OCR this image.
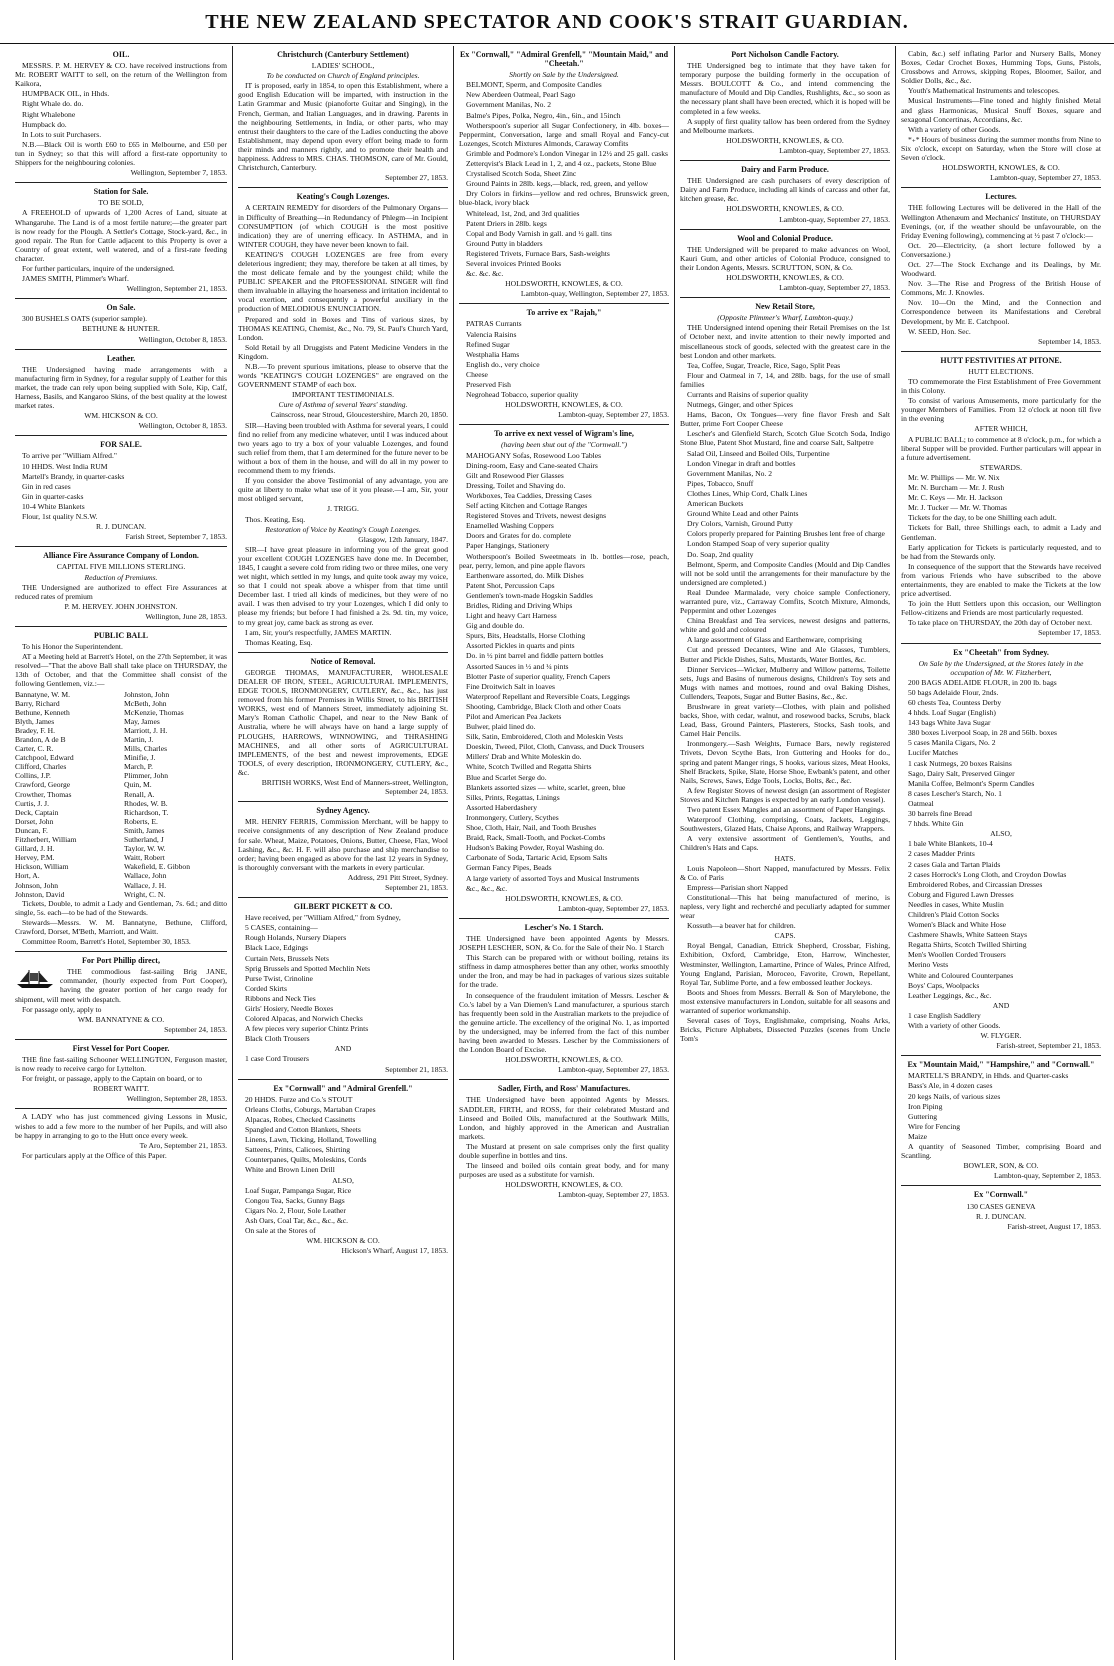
THE NEW ZEALAND SPECTATOR AND COOK'S STRAIT GUARDIAN.
OIL.

MESSRS. P. M. HERVEY & CO. have received instructions from Mr. ROBERT WAITT to sell, on the return of the Wellington from Kaikora,

HUMPBACK OIL, in Hhds.

Right Whale do. do.

Right Whalebone

Humpback do.

In Lots to suit Purchasers.

N.B.—Black Oil is worth £60 to £65 in Melbourne, and £50 per tun in Sydney; so that this will afford a first-rate opportunity to Shippers for the neighbouring colonies.

Wellington, September 7, 1853.

Station for Sale.

TO BE SOLD,

A FREEHOLD of upwards of 1,200 Acres of Land, situate at Whangaruhe. The Land is of a most fertile nature;—the greater part is now ready for the Plough. A Settler's Cottage, Stock-yard, &c., in good repair. The Run for Cattle adjacent to this Property is over a Country of great extent, well watered, and of a first-rate feeding character.

For further particulars, inquire of the undersigned.

JAMES SMITH, Plimmer's Wharf.

Wellington, September 21, 1853.

On Sale.

300 BUSHELS OATS (superior sample).

BETHUNE & HUNTER.

Wellington, October 8, 1853.

Leather.

THE Undersigned having made arrangements with a manufacturing firm in Sydney, for a regular supply of Leather for this market, the trade can rely upon being supplied with Sole, Kip, Calf, Harness, Basils, and Kangaroo Skins, of the best quality at the lowest market rates.

WM. HICKSON & CO.

Wellington, October 8, 1853.

FOR SALE.

To arrive per "William Alfred."

10 HHDS. West India RUM

Martell's Brandy, in quarter-casks

Gin in red cases

Gin in quarter-casks

10-4 White Blankets

Flour, 1st quality N.S.W.

R. J. DUNCAN.

Farish Street, September 7, 1853.

Alliance Fire Assurance Company of London.

CAPITAL FIVE MILLIONS STERLING.

Reduction of Premiums.

THE Undersigned are authorized to effect Fire Assurances at reduced rates of premium

P. M. HERVEY. JOHN JOHNSTON.

Wellington, June 28, 1853.

PUBLIC BALL

To his Honor the Superintendent.

AT a Meeting held at Barrett's Hotel, on the 27th September, it was resolved—"That the above Ball shall take place on THURSDAY, the 13th of October, and that the Committee shall consist of the following Gentlemen, viz.:—

Bannatyne, W. M.	Johnston, John
Barry, Richard	McBeth, John
Bethune, Kenneth	McKenzie, Thomas
Blyth, James	May, James
Bradey, F. H.	Marriott, J. H.
Brandon, A de B	Martin, J.
Carter, C. R.	Mills, Charles
Catchpool, Edward	Minifie, J.
Clifford, Charles	March, P.
Collins, J.P.	Plimmer, John
Crawford, George	Quin, M.
Crowther, Thomas	Renall, A.
Curtis, J. J.	Rhodes, W. B.
Deck, Captain	Richardson, T.
Dorset, John	Roberts, E.
Duncan, F.	Smith, James
Fitzherbert, William	Sutherland, J
Gillard, J. H.	Taylor, W. W.
Hervey, P.M.	Waitt, Robert
Hickson, William	Wakefield, E. Gibbon
Hort, A.	Wallace, John
Johnson, John	Wallace, J. H.
Johnston, David	Wright, C. N.

Tickets, Double, to admit a Lady and Gentleman, 7s. 6d.; and ditto single, 5s. each—to be had of the Stewards.

Stewards—Messrs. W. M. Bannatyne, Bethune, Clifford, Crawford, Dorset, M'Beth, Marriott, and Waitt.

Committee Room, Barrett's Hotel, September 30, 1853.

For Port Phillip direct,

THE commodious fast-sailing Brig JANE, commander, (hourly expected from Port Cooper), having the greater portion of her cargo ready for shipment, will meet with despatch.

For passage only, apply to

WM. BANNATYNE & CO.

September 24, 1853.

First Vessel for Port Cooper.

THE fine fast-sailing Schooner WELLINGTON, Ferguson master, is now ready to receive cargo for Lyttelton.

For freight, or passage, apply to the Captain on board, or to

ROBERT WAITT.

Wellington, September 28, 1853.

A LADY who has just commenced giving Lessons in Music, wishes to add a few more to the number of her Pupils, and will also be happy in arranging to go to the Hutt once every week.

Te Aro, September 21, 1853.

For particulars apply at the Office of this Paper.

Christchurch (Canterbury Settlement)

LADIES' SCHOOL,

To be conducted on Church of England principles.

IT is proposed, early in 1854, to open this Establishment, where a good English Education will be imparted, with instruction in the Latin Grammar and Music (pianoforte Guitar and Singing), in the French, German, and Italian Languages, and in drawing. Parents in the neighbouring Settlements, in India, or other parts, who may entrust their daughters to the care of the Ladies conducting the above Establishment, may depend upon every effort being made to form their minds and manners rightly, and to promote their health and happiness. Address to MRS. CHAS. THOMSON, care of Mr. Gould, Christchurch, Canterbury.

September 27, 1853.

Keating's Cough Lozenges.

A CERTAIN REMEDY for disorders of the Pulmonary Organs—in Difficulty of Breathing—in Redundancy of Phlegm—in Incipient CONSUMPTION (of which COUGH is the most positive indication) they are of unerring efficacy. In ASTHMA, and in WINTER COUGH, they have never been known to fail.

KEATING'S COUGH LOZENGES are free from every deleterious ingredient; they may, therefore be taken at all times, by the most delicate female and by the youngest child; while the PUBLIC SPEAKER and the PROFESSIONAL SINGER will find them invaluable in allaying the hoarseness and irritation incidental to vocal exertion, and consequently a powerful auxiliary in the production of MELODIOUS ENUNCIATION.

Prepared and sold in Boxes and Tins of various sizes, by THOMAS KEATING, Chemist, &c., No. 79, St. Paul's Church Yard, London.

Sold Retail by all Druggists and Patent Medicine Venders in the Kingdom.

N.B.—To prevent spurious imitations, please to observe that the words "KEATING'S COUGH LOZENGES" are engraved on the GOVERNMENT STAMP of each box.

IMPORTANT TESTIMONIALS.

Cure of Asthma of several Years' standing.

Cainscross, near Stroud, Gloucestershire, March 20, 1850.

SIR—Having been troubled with Asthma for several years, I could find no relief from any medicine whatever, until I was induced about two years ago to try a box of your valuable Lozenges, and found such relief from them, that I am determined for the future never to be without a box of them in the house, and will do all in my power to recommend them to my friends.

If you consider the above Testimonial of any advantage, you are quite at liberty to make what use of it you please.—I am, Sir, your most obliged servant,

J. TRIGG.

Thos. Keating, Esq.

Restoration of Voice by Keating's Cough Lozenges.

Glasgow, 12th January, 1847.

SIR—I have great pleasure in informing you of the great good your excellent COUGH LOZENGES have done me. In December, 1845, I caught a severe cold from riding two or three miles, one very wet night, which settled in my lungs, and quite took away my voice, so that I could not speak above a whisper from that time until December last. I tried all kinds of medicines, but they were of no avail. I was then advised to try your Lozenges, which I did only to please my friends; but before I had finished a 2s. 9d. tin, my voice, to my great joy, came back as strong as ever.

I am, Sir, your's respectfully, JAMES MARTIN.

Thomas Keating, Esq.

Notice of Removal.

GEORGE THOMAS, MANUFACTURER, WHOLESALE DEALER OF IRON, STEEL, AGRICULTURAL IMPLEMENTS, EDGE TOOLS, IRONMONGERY, CUTLERY, &c., &c., has just removed from his former Premises in Willis Street, to his BRITISH WORKS, west end of Manners Street, immediately adjoining St. Mary's Roman Catholic Chapel, and near to the New Bank of Australia, where he will always have on hand a large supply of PLOUGHS, HARROWS, WINNOWING, and THRASHING MACHINES, and all other sorts of AGRICULTURAL IMPLEMENTS, of the best and newest improvements, EDGE TOOLS, of every description, IRONMONGERY, CUTLERY, &c., &c.

BRITISH WORKS, West End of Manners-street, Wellington, September 24, 1853.

Sydney Agency.

MR. HENRY FERRIS, Commission Merchant, will be happy to receive consignments of any description of New Zealand produce for sale. Wheat, Maize, Potatoes, Onions, Butter, Cheese, Flax, Wool Lashing, &c., &c. H. F. will also purchase and ship merchandise to order; having been engaged as above for the last 12 years in Sydney, is thoroughly conversant with the markets in every particular.

Address, 291 Pitt Street, Sydney.

September 21, 1853.

GILBERT PICKETT & CO.

Have received, per "William Alfred," from Sydney,

5 CASES, containing—

Rough Holands, Nursery Diapers

Black Lace, Edgings

Curtain Nets, Brussels Nets

Sprig Brussels and Spotted Mechlin Nets

Purse Twist, Crinoline

Corded Skirts

Ribbons and Neck Ties

Girls' Hosiery, Needle Boxes

Colored Alpacas, and Norwich Checks

A few pieces very superior Chintz Prints

Black Cloth Trousers

AND

1 case Cord Trousers

September 21, 1853.

Ex "Cornwall" and "Admiral Grenfell."

20 HHDS. Furze and Co.'s STOUT

Orleans Cloths, Coburgs, Martaban Crapes

Alpacas, Robes, Checked Cassinetts

Spangled and Cotton Blankets, Sheets

Linens, Lawn, Ticking, Holland, Towelling

Satteens, Prints, Calicoes, Shirting

Counterpanes, Quilts, Moleskins, Cords

White and Brown Linen Drill

ALSO,

Loaf Sugar, Pampanga Sugar, Rice

Congou Tea, Sacks, Gunny Bags

Cigars No. 2, Flour, Sole Leather

Ash Oars, Coal Tar, &c., &c., &c.

On sale at the Stores of

WM. HICKSON & CO.

Hickson's Wharf, August 17, 1853.

Ex "Cornwall," "Admiral Grenfell," "Mountain Maid," and "Cheetah."

Shortly on Sale by the Undersigned.

BELMONT, Sperm, and Composite Candles

New Aberdeen Oatmeal, Pearl Sago

Government Manilas, No. 2

Balme's Pipes, Polka, Negro, 4in., 6in., and 15inch

Wotherspoon's superior all Sugar Confectionery, in 4lb. boxes—Peppermint, Conversation, large and small Royal and Fancy-cut Lozenges, Scotch Mixtures Almonds, Caraway Comfits

Grimble and Podmore's London Vinegar in 12½ and 25 gall. casks

Zetterqvist's Black Lead in 1, 2, and 4 oz., packets, Stone Blue

Crystalised Scotch Soda, Sheet Zinc

Ground Paints in 28lb. kegs,—black, red, green, and yellow

Dry Colors in firkins—yellow and red ochres, Brunswick green, blue-black, ivory black

Whitelead, 1st, 2nd, and 3rd qualities

Patent Driers in 28lb. kegs

Copal and Body Varnish in gall. and ½ gall. tins

Ground Putty in bladders

Registered Trivets, Furnace Bars, Sash-weights

Several invoices Printed Books

&c. &c. &c.

HOLDSWORTH, KNOWLES, & CO.

Lambton-quay, Wellington, September 27, 1853.

To arrive ex "Rajah,"

PATRAS Currants

Valencia Raisins

Refined Sugar

Westphalia Hams

English do., very choice

Cheese

Preserved Fish

Negrohead Tobacco, superior quality

HOLDSWORTH, KNOWLES, & CO.

Lambton-quay, September 27, 1853.

To arrive ex next vessel of Wigram's line,

(having been shut out of the "Cornwall.")

MAHOGANY Sofas, Rosewood Loo Tables

Dining-room, Easy and Cane-seated Chairs

Gilt and Rosewood Pier Glasses

Dressing, Toilet and Shaving do.

Workboxes, Tea Caddies, Dressing Cases

Self acting Kitchen and Cottage Ranges

Registered Stoves and Trivets, newest designs

Enamelled Washing Coppers

Doors and Grates for do. complete

Paper Hangings, Stationery

Wotherspoon's Boiled Sweetmeats in lb. bottles—rose, peach, pear, perry, lemon, and pine apple flavors

Earthenware assorted, do. Milk Dishes

Patent Shot, Percussion Caps

Gentlemen's town-made Hogskin Saddles

Bridles, Riding and Driving Whips

Light and heavy Cart Harness

Gig and double do.

Spurs, Bits, Headstalls, Horse Clothing

Assorted Pickles in quarts and pints

Do. in ½ pint barrel and fiddle pattern bottles

Assorted Sauces in ½ and ¼ pints

Blotter Paste of superior quality, French Capers

Fine Droitwich Salt in loaves

Waterproof Repellant and Reversible Coats, Leggings

Shooting, Cambridge, Black Cloth and other Coats

Pilot and American Pea Jackets

Bulwer, plaid lined do.

Silk, Satin, Embroidered, Cloth and Moleskin Vests

Doeskin, Tweed, Pilot, Cloth, Canvass, and Duck Trousers

Millers' Drab and White Moleskin do.

White, Scotch Twilled and Regatta Shirts

Blue and Scarlet Serge do.

Blankets assorted sizes — white, scarlet, green, blue

Silks, Prints, Regattas, Linings

Assorted Haberdashery

Ironmongery, Cutlery, Scythes

Shoe, Cloth, Hair, Nail, and Tooth Brushes

Braid, Rack, Small-Tooth, and Pocket-Combs

Hudson's Baking Powder, Royal Washing do.

Carbonate of Soda, Tartaric Acid, Epsom Salts

German Fancy Pipes, Beads

A large variety of assorted Toys and Musical Instruments

&c., &c., &c.

HOLDSWORTH, KNOWLES, & CO.

Lambton-quay, September 27, 1853.

Lescher's No. 1 Starch.

THE Undersigned have been appointed Agents by Messrs. JOSEPH LESCHER, SON, & Co. for the Sale of their No. 1 Starch

This Starch can be prepared with or without boiling, retains its stiffness in damp atmospheres better than any other, works smoothly under the Iron, and may be had in packages of various sizes suitable for the trade.

In consequence of the fraudulent imitation of Messrs. Lescher & Co.'s label by a Van Diemen's Land manufacturer, a spurious starch has frequently been sold in the Australian markets to the prejudice of the genuine article. The excellency of the original No. 1, as imported by the undersigned, may be inferred from the fact of this number having been awarded to Messrs. Lescher by the Commissioners of the London Board of Excise.

HOLDSWORTH, KNOWLES, & CO.

Lambton-quay, September 27, 1853.

Sadler, Firth, and Ross' Manufactures.

THE Undersigned have been appointed Agents by Messrs. SADDLER, FIRTH, and ROSS, for their celebrated Mustard and Linseed and Boiled Oils, manufactured at the Southwark Mills, London, and highly approved in the American and Australian markets.

The Mustard at present on sale comprises only the first quality double superfine in bottles and tins.

The linseed and boiled oils contain great body, and for many purposes are used as a substitute for varnish.

HOLDSWORTH, KNOWLES, & CO.

Lambton-quay, September 27, 1853.

Port Nicholson Candle Factory.

THE Undersigned beg to intimate that they have taken for temporary purpose the building formerly in the occupation of Messrs. BOULCOTT & Co., and intend commencing the manufacture of Mould and Dip Candles, Rushlights, &c., so soon as the necessary plant shall have been erected, which it is hoped will be completed in a few weeks.

A supply of first quality tallow has been ordered from the Sydney and Melbourne markets.

HOLDSWORTH, KNOWLES, & CO.

Lambton-quay, September 27, 1853.

Dairy and Farm Produce.

THE Undersigned are cash purchasers of every description of Dairy and Farm Produce, including all kinds of carcass and other fat, kitchen grease, &c.

HOLDSWORTH, KNOWLES, & CO.

Lambton-quay, September 27, 1853.

Wool and Colonial Produce.

THE Undersigned will be prepared to make advances on Wool, Kauri Gum, and other articles of Colonial Produce, consigned to their London Agents, Messrs. SCRUTTON, SON, & Co.

HOLDSWORTH, KNOWLES, & CO.

Lambton-quay, September 27, 1853.

New Retail Store,

(Opposite Plimmer's Wharf, Lambton-quay.)

THE Undersigned intend opening their Retail Premises on the 1st of October next, and invite attention to their newly imported and miscellaneous stock of goods, selected with the greatest care in the best London and other markets.

Tea, Coffee, Sugar, Treacle, Rice, Sago, Split Peas

Flour and Oatmeal in 7, 14, and 28lb. bags, for the use of small families

Currants and Raisins of superior quality

Nutmegs, Ginger, and other Spices

Hams, Bacon, Ox Tongues—very fine flavor Fresh and Salt Butter, prime Fort Cooper Cheese

Lescher's and Glenfield Starch, Scotch Glue Scotch Soda, Indigo Stone Blue, Patent Shot Mustard, fine and coarse Salt, Saltpetre

Salad Oil, Linseed and Boiled Oils, Turpentine

London Vinegar in draft and bottles

Government Manilas, No. 2

Pipes, Tobacco, Snuff

Clothes Lines, Whip Cord, Chalk Lines

American Buckets

Ground White Lead and other Paints

Dry Colors, Varnish, Ground Putty

Colors properly prepared for Painting Brushes lent free of charge

London Stamped Soap of very superior quality

Do. Soap, 2nd quality

Belmont, Sperm, and Composite Candles (Mould and Dip Candles will not be sold until the arrangements for their manufacture by the undersigned are completed.)

Real Dundee Marmalade, very choice sample Confectionery, warranted pure, viz., Carraway Comfits, Scotch Mixture, Almonds, Peppermint and other Lozenges

China Breakfast and Tea services, newest designs and patterns, white and gold and coloured

A large assortment of Glass and Earthenware, comprising

Cut and pressed Decanters, Wine and Ale Glasses, Tumblers, Butter and Pickle Dishes, Salts, Mustards, Water Bottles, &c.

Dinner Services—Wicker, Mulberry and Willow patterns, Toilette sets, Jugs and Basins of numerous designs, Children's Toy sets and Mugs with names and mottoes, round and oval Baking Dishes, Cullenders, Teapots, Sugar and Butter Basins, &c., &c.

Brushware in great variety—Clothes, with plain and polished backs, Shoe, with cedar, walnut, and rosewood backs, Scrubs, black Lead, Bass, Ground Painters, Plasterers, Stocks, Sash tools, and Camel Hair Pencils.

Ironmongery.—Sash Weights, Furnace Bars, newly registered Trivets, Devon Scythe Bats, Iron Guttering and Hooks for do., spring and patent Manger rings, S hooks, various sizes, Meat Hooks, Shelf Brackets, Spike, Slate, Horse Shoe, Ewbank's patent, and other Nails, Screws, Saws, Edge Tools, Locks, Bolts, &c., &c.

A few Register Stoves of newest design (an assortment of Register Stoves and Kitchen Ranges is expected by an early London vessel).

Two patent Essex Mangles and an assortment of Paper Hangings.

Waterproof Clothing, comprising, Coats, Jackets, Leggings, Southwesters, Glazed Hats, Chaise Aprons, and Railway Wrappers.

A very extensive assortment of Gentlemen's, Youths, and Children's Hats and Caps.

HATS.

Louis Napoleon—Short Napped, manufactured by Messrs. Felix & Co. of Paris

Empress—Parisian short Napped

Constitutional—This hat being manufactured of merino, is napless, very light and recherché and peculiarly adapted for summer wear

Kossuth—a beaver hat for children.

CAPS.

Royal Bengal, Canadian, Ettrick Shepherd, Crossbar, Fishing, Exhibition, Oxford, Cambridge, Eton, Harrow, Winchester, Westminster, Wellington, Lamartine, Prince of Wales, Prince Alfred, Young England, Parisian, Moroceo, Favorite, Crown, Repellant, Royal Tar, Sublime Porte, and a few embossed leather Jockeys.

Boots and Shoes from Messrs. Berrall & Son of Marylebone, the most extensive manufacturers in London, suitable for all seasons and warranted of superior workmanship.

Several cases of Toys, Englishmake, comprising, Noahs Arks, Bricks, Picture Alphabets, Dissected Puzzles (scenes from Uncle Tom's

Cabin, &c.) self inflating Parlor and Nursery Balls, Money Boxes, Cedar Crochet Boxes, Humming Tops, Guns, Pistols, Crossbows and Arrows, skipping Ropes, Bloomer, Sailor, and Soldier Dolls, &c., &c.

Youth's Mathematical Instruments and telescopes.

Musical Instruments—Fine toned and highly finished Metal and glass Harmonicas, Musical Snuff Boxes, square and sexagonal Concertinas, Accordians, &c.

With a variety of other Goods.

*₊* Hours of business during the summer months from Nine to Six o'clock, except on Saturday, when the Store will close at Seven o'clock.

HOLDSWORTH, KNOWLES, & CO.

Lambton-quay, September 27, 1853.

Lectures.

THE following Lectures will be delivered in the Hall of the Wellington Athenæum and Mechanics' Institute, on THURSDAY Evenings, (or, if the weather should be unfavourable, on the Friday Evening following), commencing at ½ past 7 o'clock:—

Oct. 20—Electricity, (a short lecture followed by a Conversazione.)

Oct. 27—The Stock Exchange and its Dealings, by Mr. Woodward.

Nov. 3—The Rise and Progress of the British House of Commons, Mr. J. Knowles.

Nov. 10—On the Mind, and the Connection and Correspondence between its Manifestations and Cerebral Development, by Mr. E. Catchpool.

W. SEED, Hon. Sec.

September 14, 1853.

HUTT FESTIVITIES AT PITONE.

HUTT ELECTIONS.

TO commemorate the First Establishment of Free Government in this Colony.

To consist of various Amusements, more particularly for the younger Members of Families. From 12 o'clock at noon till five in the evening

AFTER WHICH,

A PUBLIC BALL; to commence at 8 o'clock, p.m., for which a liberal Supper will be provided. Further particulars will appear in a future advertisement.

STEWARDS.

Mr. W. Phillips — Mr. W. Nix

Mr. N. Burcham — Mr. J. Rush

Mr. C. Keys — Mr. H. Jackson

Mr. J. Tucker — Mr. W. Thomas

Tickets for the day, to be one Shilling each adult.

Tickets for Ball, three Shillings each, to admit a Lady and Gentleman.

Early application for Tickets is particularly requested, and to be had from the Stewards only.

In consequence of the support that the Stewards have received from various Friends who have subscribed to the above entertainments, they are enabled to make the Tickets at the low price advertised.

To join the Hutt Settlers upon this occasion, our Wellington Fellow-citizens and Friends are most particularly requested.

To take place on THURSDAY, the 20th day of October next.

September 17, 1853.

Ex "Cheetah" from Sydney.

On Sale by the Undersigned, at the Stores lately in the occupation of Mr. W. Fitzherbert,

200 BAGS ADELAIDE FLOUR, in 200 lb. bags

50 bags Adelaide Flour, 2nds.

60 chests Tea, Countess Derby

4 hhds. Loaf Sugar (English)

143 bags White Java Sugar

380 boxes Liverpool Soap, in 28 and 56lb. boxes

5 cases Manila Cigars, No. 2

Lucifer Matches

1 cask Nutmegs, 20 boxes Raisins

Sago, Dairy Salt, Preserved Ginger

Manila Coffee, Belmont's Sperm Candles

8 cases Lescher's Starch, No. 1

Oatmeal

30 barrels fine Bread

7 hhds. White Gin

ALSO,

1 bale White Blankets, 10-4

2 cases Madder Prints

2 cases Gala and Tartan Plaids

2 cases Horrock's Long Cloth, and Croydon Dowlas

Embroidered Robes, and Circassian Dresses

Coburg and Figured Lawn Dresses

Needles in cases, White Muslin

Children's Plaid Cotton Socks

Women's Black and White Hose

Cashmere Shawls, White Satteen Stays

Regatta Shirts, Scotch Twilled Shirting

Men's Woollen Corded Trousers

Merino Vests

White and Coloured Counterpanes

Boys' Caps, Woolpacks

Leather Leggings, &c., &c.

AND

1 case English Saddlery

With a variety of other Goods.

W. FLYGER.

Farish-street, September 21, 1853.

Ex "Mountain Maid," "Hampshire," and "Cornwall."

MARTELL'S BRANDY, in Hhds. and Quarter-casks

Bass's Ale, in 4 dozen cases

20 kegs Nails, of various sizes

Iron Piping

Guttering

Wire for Fencing

Maize

A quantity of Seasoned Timber, comprising Board and Scantling.

BOWLER, SON, & CO.

Lambton-quay, September 2, 1853.

Ex "Cornwall."

130 CASES GENEVA

R. J. DUNCAN.

Farish-street, August 17, 1853.
